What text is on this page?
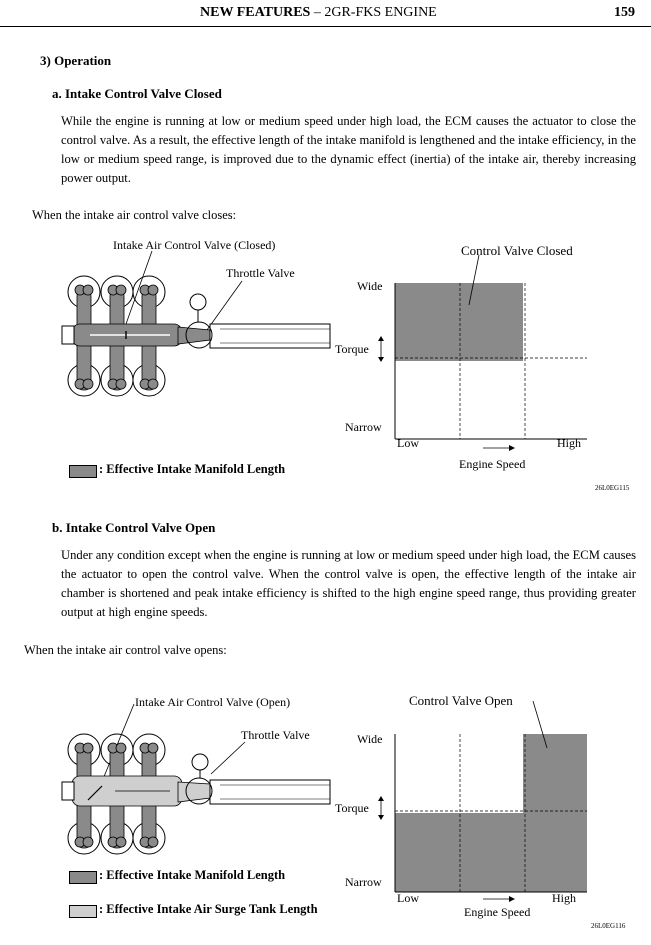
NEW FEATURES – 2GR-FKS ENGINE	159
3) Operation
a. Intake Control Valve Closed
While the engine is running at low or medium speed under high load, the ECM causes the actuator to close the control valve. As a result, the effective length of the intake manifold is lengthened and the intake efficiency, in the low or medium speed range, is improved due to the dynamic effect (inertia) of the intake air, thereby increasing power output.
When the intake air control valve closes:
Intake Air Control Valve (Closed)
Throttle Valve
: Effective Intake Manifold Length
Control Valve Closed
Wide
Torque
Narrow
Low	High
Engine Speed
26L0EG115
b. Intake Control Valve Open
Under any condition except when the engine is running at low or medium speed under high load, the ECM causes the actuator to open the control valve. When the control valve is open, the effective length of the intake air chamber is shortened and peak intake efficiency is shifted to the high engine speed range, thus providing greater output at high engine speeds.
When the intake air control valve opens:
Intake Air Control Valve (Open)
Throttle Valve
: Effective Intake Manifold Length
: Effective Intake Air Surge Tank Length
Control Valve Open
Wide
Torque
Narrow
Low	High
Engine Speed
26L0EG116
